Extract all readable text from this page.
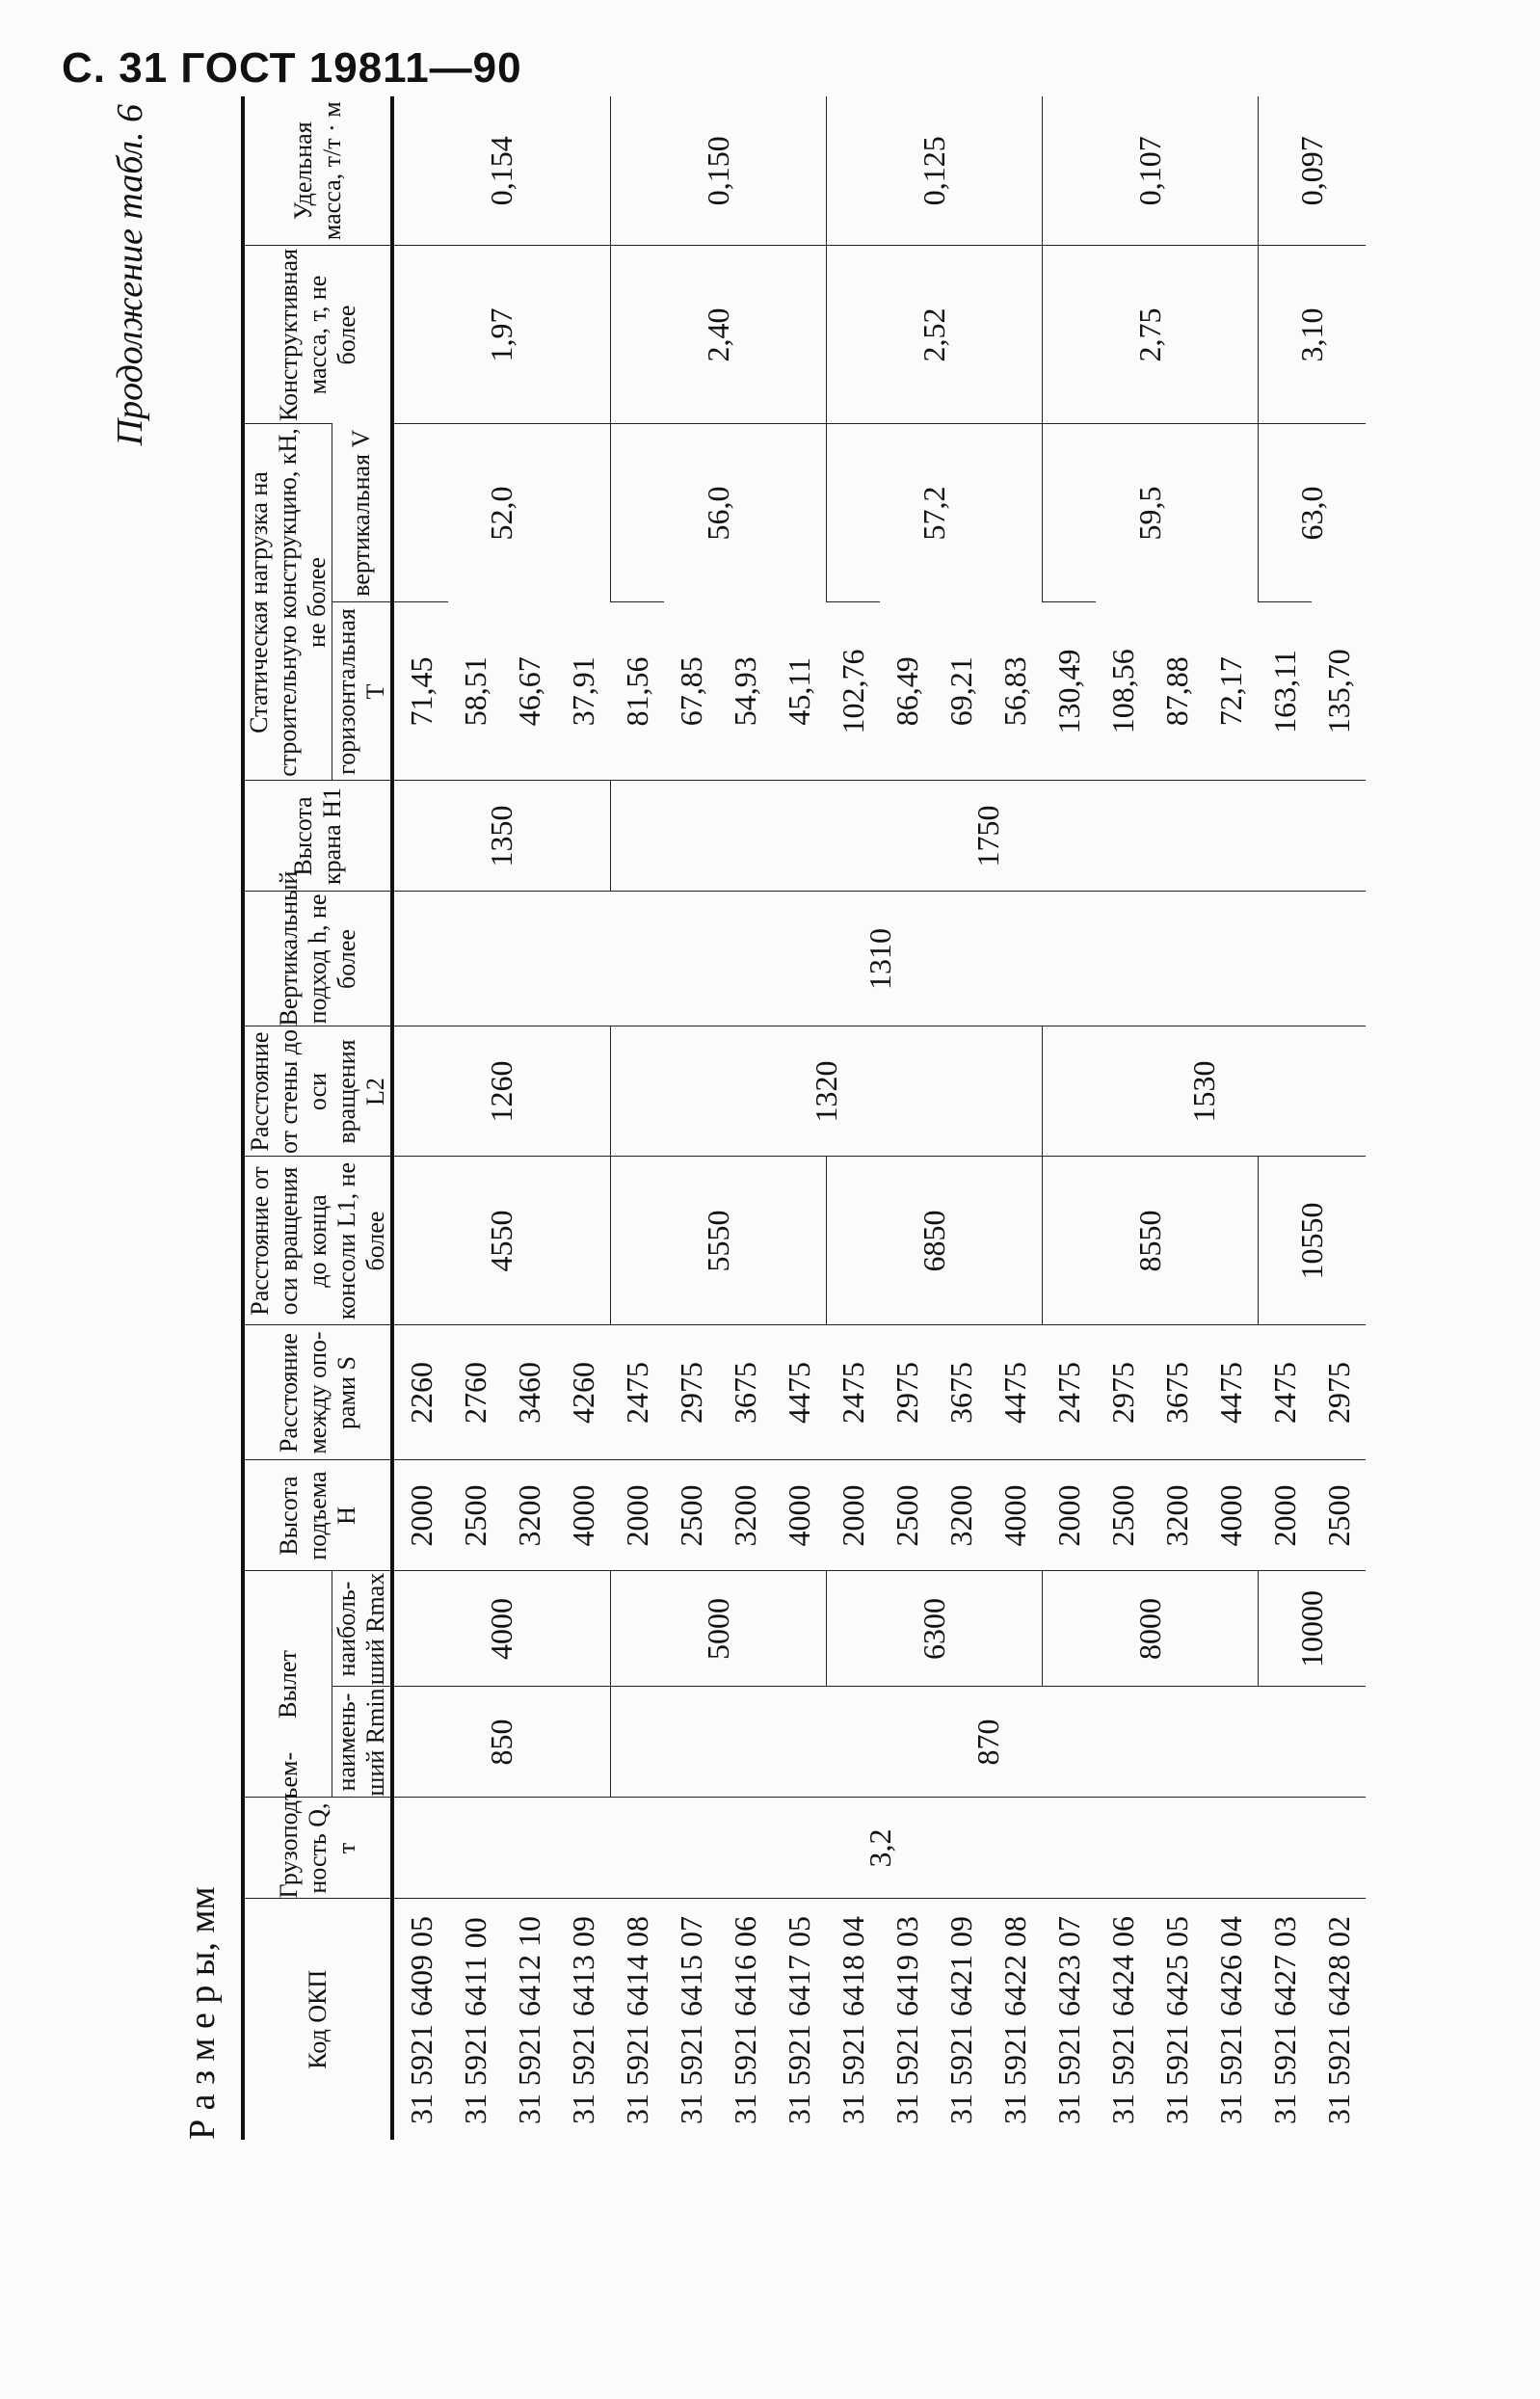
С. 31 ГОСТ 19811—90
Продолжение табл. 6
Р а з м е р ы, мм	Код ОКП	Грузоподъемность Q, т	Вылет		Высота подъема H	Расстояние между опорами S	Расстояние от оси вращения до конца консоли L1, не более	Расстояние от стены до оси вращения L2	Вертикальный подход h, не более	Высота крана H1	Статическая нагрузка на строительную конструкцию, кН, не более		Конструктивная масса, т, не более	Удельная масса, т/т · м
		наименьший Rmin	наибольший Rmax							горизонтальная T	вертикальная V		
31 5921 6409 05	3,2	850	4000	2000	2260	4550	1260	1310	1350	71,45	52,0	1,97	0,154
31 5921 6411 00				2500	2760					58,51			
31 5921 6412 10				3200	3460					46,67			
31 5921 6413 09				4000	4260					37,91			
31 5921 6414 08		870	5000	2000	2475	5550	1320		1750	81,56	56,0	2,40	0,150
31 5921 6415 07				2500	2975					67,85			
31 5921 6416 06				3200	3675					54,93			
31 5921 6417 05				4000	4475					45,11			
31 5921 6418 04			6300	2000	2475	6850				102,76	57,2	2,52	0,125
31 5921 6419 03				2500	2975					86,49			
31 5921 6421 09				3200	3675					69,21			
31 5921 6422 08				4000	4475					56,83			
31 5921 6423 07			8000	2000	2475	8550	1530			130,49	59,5	2,75	0,107
31 5921 6424 06				2500	2975					108,56			
31 5921 6425 05				3200	3675					87,88			
31 5921 6426 04				4000	4475					72,17			
31 5921 6427 03			10000	2000	2475	10550				163,11	63,0	3,10	0,097
31 5921 6428 02				2500	2975					135,70			
